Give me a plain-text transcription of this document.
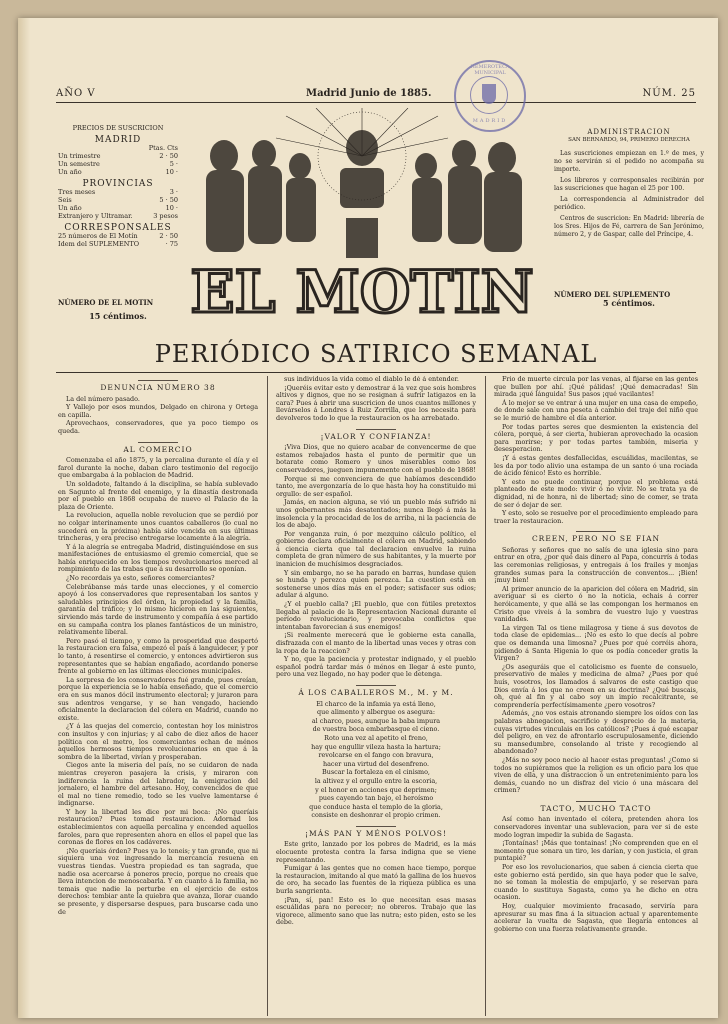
AÑO V	Madrid Junio de 1885.	NÚM. 25
HEMEROTECA MUNICIPAL
MADRID
PRECIOS DE SUSCRICION
MADRID
Ptas. Cts
Un trimestre	2 · 50
Un semestre	5 ·
Un año	10 ·
PROVINCIAS
Tres meses	3 ·
Seis	5 · 50
Un año	10 ·
Extranjero y Ultramar.	3 pesos
CORRESPONSALES
25 números de El Motín	2 · 50
Idem del SUPLEMENTO	· 75
NÚMERO DE EL MOTIN
15 céntimos. EL MOTIN
ADMINISTRACION
SAN BERNARDO, 94, PRIMERO DERECHA

Las suscriciones empiezan en 1.º de mes, y no se servirán si el pedido no acompaña su importe.

Los libreros y corresponsales recibirán por las suscriciones que hagan el 25 por 100.

La correspondencia al Administrador del periódico.

Centros de suscricion: En Madrid: librería de los Sres. Hijos de Fé, carrera de San Jerónimo, número 2, y de Gaspar, calle del Príncipe, 4.

NÚMERO DEL SUPLEMENTO
5 céntimos.
PERIÓDICO SATIRICO SEMANAL
DENUNCIA NÚMERO 38

La del número pasado.

Y Vallejo por esos mundos, Delgado en chirona y Ortega en capilla.

Aprovechaos, conservadores, que ya poco tiempo os queda.

AL COMERCIO

Comenzaba el año 1875, y la percalina durante el día y el farol durante la noche, daban claro testimonio del regocijo que embargaba á la poblacion de Madrid.

Un soldadote, faltando á la disciplina, se había sublevado en Sagunto al frente del enemigo, y la dinastía destronada por el pueblo en 1868 ocupaba de nuevo el Palacio de la plaza de Oriente.

La revolucion, aquella noble revolucion que se perdió por no colgar interinamente unos cuantos caballeros (lo cual no sucederá en la próxima) había sido vencida en sus últimas trincheras, y era preciso entregarse locamente á la alegría.

Y á la alegría se entregaba Madrid, distinguiéndose en sus manifestaciones de entusiasmo el gremio comercial, que se había enriquecido en los tiempos revolucionarios merced al rompimiento de las trabas que á su desarrollo se oponían.

¿No recordais ya esto, señores comerciantes?

Celebrábanse más tarde unas elecciones, y el comercio apoyó á los conservadores que representaban los santos y saludables principios del órden, la propiedad y la familia, garantía del tráfico; y lo mismo hicieron en las siguientes, sirviendo más tarde de instrumento y compañía á ese partido en su campaña contra los planes fantásticos de un ministro, relativamente liberal.

Pero pasó el tiempo, y como la prosperidad que despertó la restauracion era falsa, empezó el país á languidecer, y por lo tanto, á resentirse el comercio, y entonces advirtieron sus representantes que se habían engañado, acordando ponerse frente al gobierno en las últimas elecciones municipales.

La sorpresa de los conservadores fué grande, pues creían, porque la experiencia se lo había enseñado, que el comercio era en sus manos dócil instrumento electoral; y juraron para sus adentros vengarse, y se han vengado, haciendo oficialmente la declaracion del cólera en Madrid, cuando no existe.

¿Y á las quejas del comercio, contestan hoy los ministros con insultos y con injurias; y al cabo de diez años de hacer política con el metro, los comerciantes echan de ménos aquellos hermosos tiempos revolucionarios en que á la sombra de la libertad, vivían y prosperaban.

Ciegos ante la miseria del país, no se cuidaron de nada mientras creyeron pasajera la crisis, y miraron con indiferencia la ruina del labrador, la emigracion del jornalero, el hambre del artesano. Hoy, convencidos de que el mal no tiene remedio, todo se les vuelve lamentarse é indignarse.

Y hoy la libertad les dice por mi boca: ¡No queríais restauracion? Pues tomad restauracion. Adornad los establecimientos con aquella percalina y encended aquellos faroles, para que representen ahora en ellos el papel que las coronas de flores en los cadáveres.

¡No queríais órden? Pues ya lo teneis; y tan grande, que ni siquiera una voz ingresando la mercancía resuena en vuestras tiendas. Vuestra propiedad es tan sagrada, que nadie osa acercarse á poneros precio, porque no creais que lleva intencion de menoscabarla. Y en cuanto á la familia, no temais que nadie la perturbe en el ejercicio de estos derechos: tembiar ante la quiebra que avanza, llorar cuando se presente, y dispersarse despues, para buscarse cada uno de

sus individuos la vida como el diablo le dé á entender.

¡Queréis evitar esto y demostrar á la vez que sois hombres altivos y dignos, que no se resignan á sufrir latigazos en la cara? Pues á abrir una suscricion de unos cuantos millones y llevárselos á Londres á Ruiz Zorrilla, que los necesita para devolveros todo lo que la restauracion os ha arrebatado.

¡VALOR Y CONFIANZA!

¡Viva Dios, que no quiero acabar de convencerme de que estamos rebajados hasta el punto de permitir que un botarate como Romero y unos miserables como los conservadores, jueguen impunemente con el pueblo de 1868!

Porque si me convenciera de que habíamos descendido tanto, me avergonzaría de lo que hasta hoy ha constituido mi orgullo: de ser español.

Jamás, en nacion alguna, se vió un pueblo más sufrido ni unos gobernantes más desatentados; nunca llegó á más la insolencia y la procacidad de los de arriba, ni la paciencia de los de abajo.

Por venganza ruin, ó por mezquino cálculo político, el gobierno declara oficialmente el cólera en Madrid, sabiendo á ciencia cierta que tal declaracion envuelve la ruina completa de gran número de sus habitantes, y la muerte por inanicion de muchísimos desgraciados.

Y sin embargo, no se ha parado en barras, hundase quien se hunda y perezca quien perezca. La cuestion está en sostenerse unos días más en el poder; satisfacer sus odios; adular á alguno.

¿Y el pueblo calla? ¡El pueblo, que con fútiles pretextos llegaba al palacio de la Representacion Nacional durante el período revolucionario, y provocaba conflictos que intentaban favorecian á sus enemigos!

¡Si realmente merecerá que le gobierne esta canalla, disfrazada con el manto de la libertad unas veces y otras con la ropa de la reaccion?

Y no, que la paciencia y protestar indignado, y el pueblo español podrá tardar más ó ménos en llegar á este punto, pero una vez llegado, no hay poder que le detenga.

Á LOS CABALLEROS M., M. y M.

El charco de la infamia ya está lleno,

que alimento y albergue os asegura:

al charco, pues, aunque la baba impura

de vuestra boca embarbasque el cieno.

Roto una vez al apetito el freno,

hay que engullir vileza hasta la hartura;

revolcarse en el fango con bravura,

hacer una virtud del desenfreno.

Buscar la fortaleza en el cinismo,

la altivez y el orgullo entre la escoria,

y el honor en acciones que deprimen;

pues cayendo tan bajo, el heroísmo

que conduce hasta el templo de la gloria,

consiste en deshonrar el propio crimen.

¡MÁS PAN Y MÉNOS POLVOS!

Este grito, lanzado por los pobres de Madrid, es la más elocuente protesta contra la farsa indigna que se viene representando.

Fumigar á las gentes que no comen hace tiempo, porque la restauracion, imitando al que mató la gallina de los huevos de oro, ha secado las fuentes de la riqueza pública es una burla sangrienta.

¡Pan, sí, pan! Esto es lo que necesitan esas masas escuálidas para no perecer; no obreros. Trabajo que las vigorece, alimento sano que las nutra; esto piden, esto se les debe.

Frio de muerte circula por las venas, al fijarse en las gentes que bullen por ahí. ¡Qué pálidas! ¡Qué demacradas! Sin mirada ¡qué lánguida! Sus pasos ¡qué vacilantes!

Á lo mejor se ve entrar á una mujer en una casa de empeño, de donde sale con una peseta á cambio del traje del niño que se le murió de hambre el día anterior.

Por todas partes seres que desmienten la existencia del cólera, porque, á ser cierta, hubieran aprovechado la ocasion para morirse; y por todas partes también, miseria y desesperacion.

¡Y á estas gentes desfallecidas, escuálidas, macilentas, se les da por todo alivio una estampa de un santo ó una rociada de ácido fénico! Esto es horrible.

Y esto no puede continuar, porque el problema está planteado de este modo: vivir ó no vivir. No se trata ya de dignidad, ni de honra, ni de libertad; sino de comer, se trata de ser ó dejar de ser.

Y esto, solo se resuelve por el procedimiento empleado para traer la restauracion.

CREEN, PERO NO SE FIAN

Señoras y señores que no salís de una iglesia sino para entrar en otra, ¿por qué dais dinero al Papa, concurrís á todas las ceremonias religiosas, y entregais á los frailes y monjas grandes sumas para la construcción de conventos... ¡Bien! ¡muy bien!

Al primer anuncio de la aparicion del cólera en Madrid, sin averiguar si es cierto ó no la noticia, echais á correr heróicamente, y que allá se las compongan los hermanos en Cristo que viveis á la sombra de vuestro lujo y vuestras vanidades.

La virgen Tal os tiene milagrosa y tiene á sus devotos de toda clase de epidemias... ¡No es esto lo que decís al pobre que os demanda una limosna? ¿Pues por qué corréis ahora, pidiendo á Santa Higenia lo que os podía conceder gratis la Virgen?

¿Os aseguráis que el catolicismo es fuente de consuelo, preservativo de males y medicina de alma? ¿Pues por qué huís, vosotros, los llamados á salvaros de este castigo que Dios envía á los que no creen en su doctrina? ¿Qué buscais, oh, qué al fin y al cabo soy un impío recalcitrante, se comprendería perfectísimamente ¿pero vosotros?

Además, ¿no vos estais atronando siempre los oídos con las palabras abnegacion, sacrificio y desprecio de la materia, cuyas virtudes vinculais en los católicos? ¡Pues á qué escapar del peligro, en vez de afrontarlo escrupulosamente, diciendo su mansedumbre, consolando al triste y recogiendo al abandonado?

¿Más no soy poco necio al hacer estas preguntas! ¿Como si todos no supiéramos que la religion es un oficio para los que viven de ella, y una distraccion ó un entretenimiento para los demás, cuando no un disfraz del vicio ó una máscara del crimen?

TACTO, MUCHO TACTO

Así como han inventado el cólera, pretenden ahora los conservadores inventar una sublevacion, para ver si de este modo logran impedir la subida de Sagasta.

¡Tontaínas! ¡Más que tontainas! ¡No comprenden que en el momento que sonara un tiro, les darían, y con justicia, el gran puntapié?

Por eso los revolucionarios, que saben á ciencia cierta que este gobierno está perdido, sin que haya poder que le salve, no se toman la molestia de empujarlo, y se reservan para cuando lo sustituya Sagasta, como ya he dicho en otra ocasion.

Hoy, cualquier movimiento fracasado, serviría para apresurar su mas fina á la situacion actual y aparentemente acelerar la vuelta de Sagasta, que llegaría entonces al gobierno con una fuerza relativamente grande.
